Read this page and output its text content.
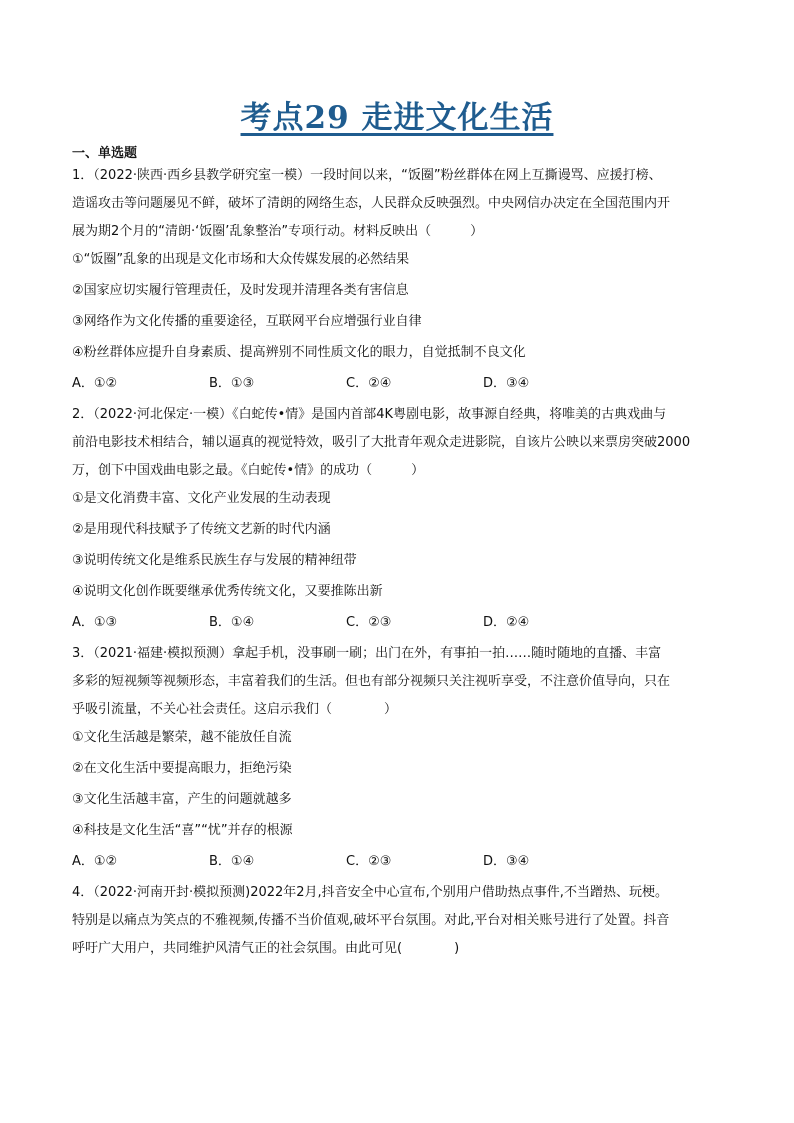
考点29 走进文化生活
一、单选题

1．（2022·陕西·西乡县教学研究室一模）一段时间以来，“饭圈”粉丝群体在网上互撕谩骂、应援打榜、

造谣攻击等问题屡见不鲜，破坏了清朗的网络生态，人民群众反映强烈。中央网信办决定在全国范围内开

展为期2个月的“清朗·‘饭圈’乱象整治”专项行动。材料反映出（　　　）

①“饭圈”乱象的出现是文化市场和大众传媒发展的必然结果

②国家应切实履行管理责任，及时发现并清理各类有害信息

③网络作为文化传播的重要途径，互联网平台应增强行业自律

④粉丝群体应提升自身素质、提高辨别不同性质文化的眼力，自觉抵制不良文化

A．①②	B．①③	C．②④	D．③④

2．（2022·河北保定·一模）《白蛇传•情》是国内首部4K粤剧电影，故事源自经典，将唯美的古典戏曲与

前沿电影技术相结合，辅以逼真的视觉特效，吸引了大批青年观众走进影院，自该片公映以来票房突破2000

万，创下中国戏曲电影之最。《白蛇传•情》的成功（　　　）

①是文化消费丰富、文化产业发展的生动表现

②是用现代科技赋予了传统文艺新的时代内涵

③说明传统文化是维系民族生存与发展的精神纽带

④说明文化创作既要继承优秀传统文化，又要推陈出新

A．①③	B．①④	C．②③	D．②④

3．（2021·福建·模拟预测）拿起手机，没事刷一刷；出门在外，有事拍一拍……随时随地的直播、丰富

多彩的短视频等视频形态，丰富着我们的生活。但也有部分视频只关注视听享受，不注意价值导向，只在

乎吸引流量，不关心社会责任。这启示我们（　　　　）

①文化生活越是繁荣，越不能放任自流

②在文化生活中要提高眼力，拒绝污染

③文化生活越丰富，产生的问题就越多

④科技是文化生活“喜”“忧”并存的根源

A．①②	B．①④	C．②③	D．③④

4．（2022·河南开封·模拟预测)2022年2月,抖音安全中心宣布,个别用户借助热点事件,不当蹭热、玩梗。

特别是以痛点为笑点的不雅视频,传播不当价值观,破坏平台氛围。对此,平台对相关账号进行了处置。抖音

呼吁广大用户，共同维护风清气正的社会氛围。由此可见(　　　　)
